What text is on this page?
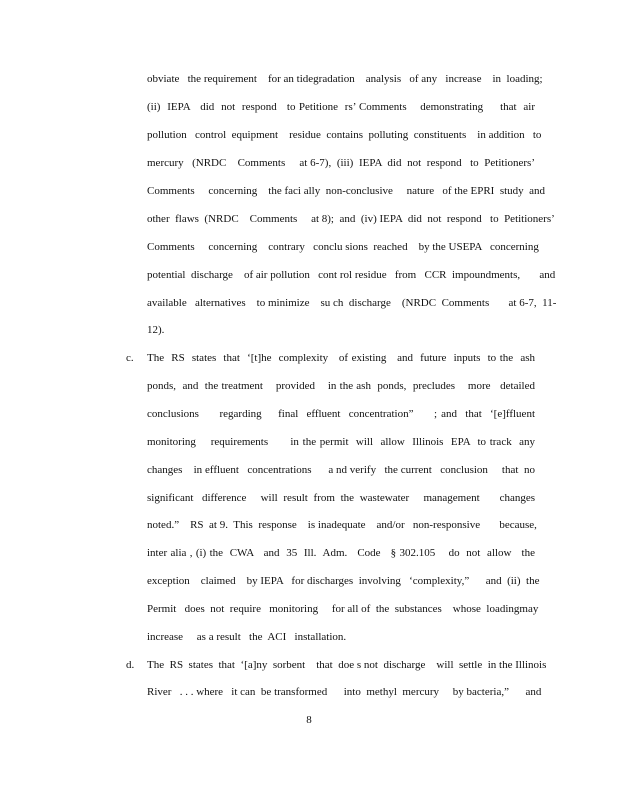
obviate   the requirement    for an tidegradation    analysis   of any   increase    in  loading;
(ii)  IEPA   did  not  respond   to Petitione  rs’ Comments    demonstrating     that  air
pollution   control  equipment    residue  contains  polluting  constituents    in addition   to
mercury   (NRDC    Comments     at 6-7),  (iii)  IEPA  did  not  respond   to  Petitioners’
Comments     concerning    the faci ally  non-conclusive     nature   of the EPRI  study  and
other  flaws  (NRDC    Comments     at 8);  and  (iv) IEPA  did  not  respond   to  Petitioners’
Comments     concerning    contrary   conclu sions  reached    by the USEPA   concerning
potential  discharge    of air pollution   cont rol residue   from   CCR  impoundments,       and
available   alternatives    to minimize    su ch  discharge    (NRDC  Comments       at 6-7,  11-
12).
c. The  RS  states  that  ‘[t]he  complexity   of existing   and  future  inputs  to the  ash
ponds,  and  the treatment    provided    in the ash  ponds,  precludes    more   detailed
conclusions     regarding    final  effluent  concentration”     ; and  that  ‘[e]ffluent
monitoring    requirements      in the permit  will  allow  Illinois  EPA  to track  any
changes    in effluent   concentrations      a nd verify   the current   conclusion     that  no
significant   difference     will  result  from  the  wastewater     management       changes
noted.”    RS  at 9.  This  response    is inadequate    and/or   non-responsive       because,
inter alia , (i) the  CWA   and  35  Ill.  Adm.   Code   § 302.105    do  not  allow   the
exception    claimed    by IEPA   for discharges  involving   ‘complexity,”      and  (ii)  the
Permit   does  not  require   monitoring     for all of  the  substances    whose  loadingmay
increase     as a result   the  ACI   installation.
d. The  RS  states  that  ‘[a]ny  sorbent    that  doe s not  discharge    will  settle  in the Illinois
River   . . . where   it can  be transformed      into  methyl  mercury     by bacteria,”      and
8
